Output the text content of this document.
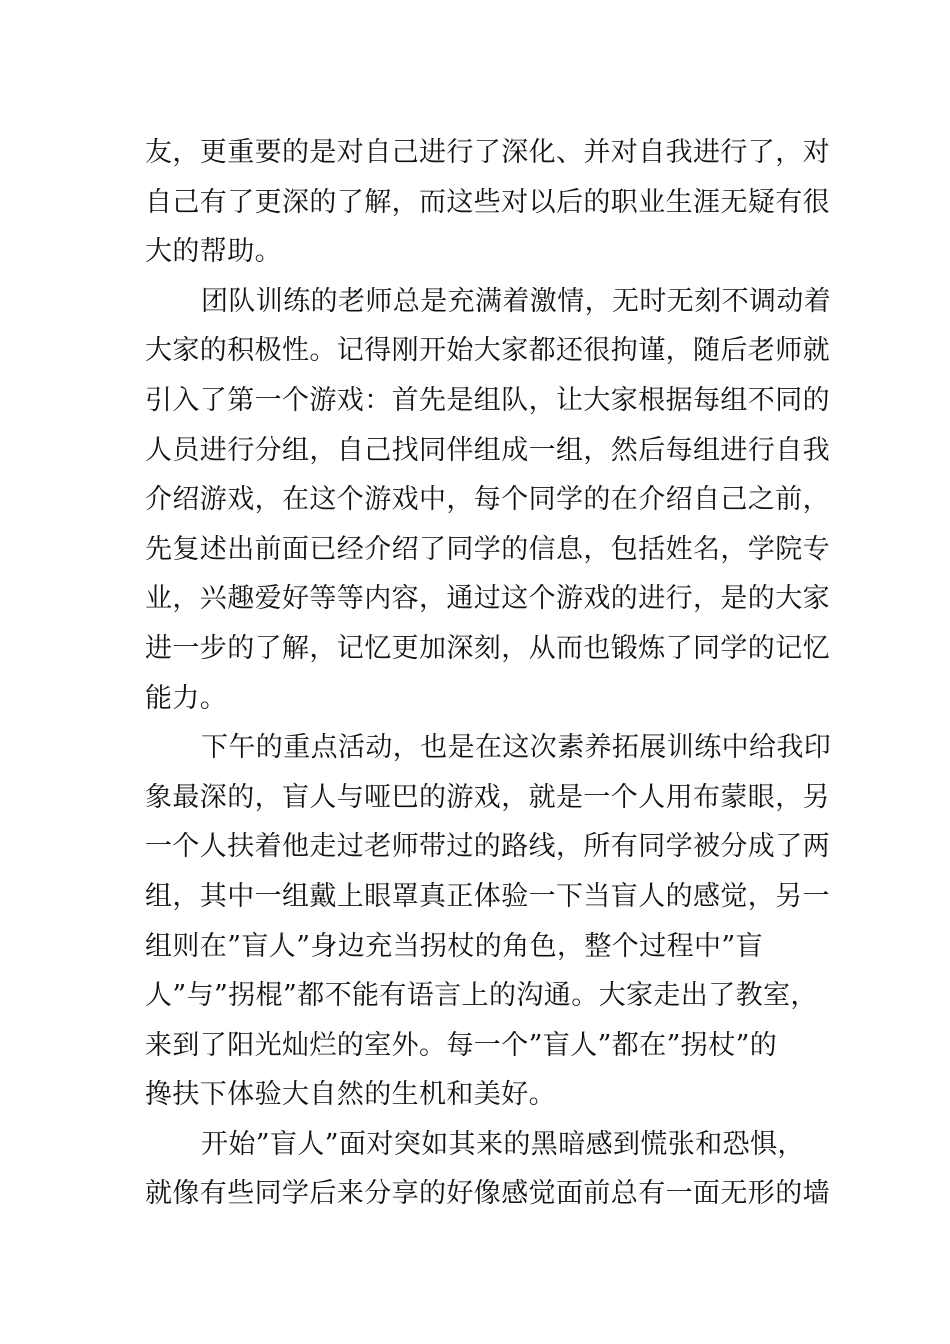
友，更重要的是对自己进行了深化、并对自我进行了，对
自己有了更深的了解，而这些对以后的职业生涯无疑有很
大的帮助。
团队训练的老师总是充满着激情，无时无刻不调动着
大家的积极性。记得刚开始大家都还很拘谨，随后老师就
引入了第一个游戏：首先是组队，让大家根据每组不同的
人员进行分组，自己找同伴组成一组，然后每组进行自我
介绍游戏，在这个游戏中，每个同学的在介绍自己之前，
先复述出前面已经介绍了同学的信息，包括姓名，学院专
业，兴趣爱好等等内容，通过这个游戏的进行，是的大家
进一步的了解，记忆更加深刻，从而也锻炼了同学的记忆
能力。
下午的重点活动，也是在这次素养拓展训练中给我印
象最深的，盲人与哑巴的游戏，就是一个人用布蒙眼，另
一个人扶着他走过老师带过的路线，所有同学被分成了两
组，其中一组戴上眼罩真正体验一下当盲人的感觉，另一
组则在”盲人”身边充当拐杖的角色，整个过程中”盲
人”与”拐棍”都不能有语言上的沟通。大家走出了教室，
来到了阳光灿烂的室外。每一个”盲人”都在”拐杖”的
搀扶下体验大自然的生机和美好。
开始”盲人”面对突如其来的黑暗感到慌张和恐惧，
就像有些同学后来分享的好像感觉面前总有一面无形的墙
